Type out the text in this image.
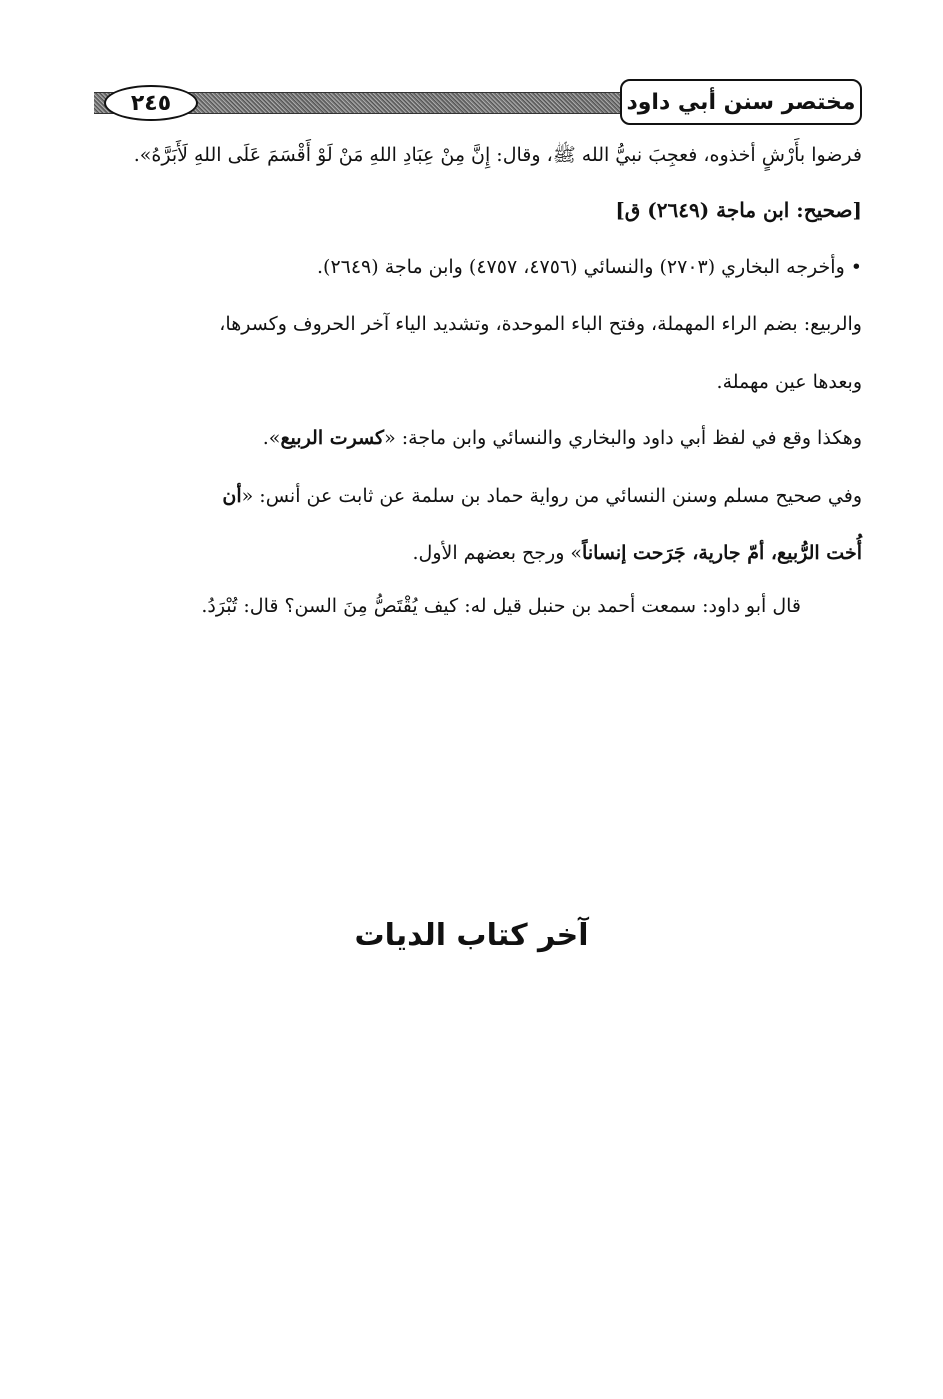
٢٤٥	مختصر سنن أبي داود
فرضوا بأَرْشٍ أخذوه، فعجِبَ نبيُّ الله ﷺ، وقال: إِنَّ مِنْ عِبَادِ اللهِ مَنْ لَوْ أَقْسَمَ عَلَى اللهِ لَأَبَرَّهُ».
[صحيح: ابن ماجة (٢٦٤٩) ق]
• وأخرجه البخاري (٢٧٠٣) والنسائي (٤٧٥٦، ٤٧٥٧) وابن ماجة (٢٦٤٩).
والربيع: بضم الراء المهملة، وفتح الباء الموحدة، وتشديد الياء آخر الحروف وكسرها،
وبعدها عين مهملة.
وهكذا وقع في لفظ أبي داود والبخاري والنسائي وابن ماجة: «كسرت الربيع».
وفي صحيح مسلم وسنن النسائي من رواية حماد بن سلمة عن ثابت عن أنس: «أن
أُخت الرُّبيع، أمّ جارية، جَرَحت إنساناً» ورجح بعضهم الأول.
قال أبو داود: سمعت أحمد بن حنبل قيل له: كيف يُقْتَصُّ مِنَ السن؟ قال: تُبْرَدُ.
آخر كتاب الديات
